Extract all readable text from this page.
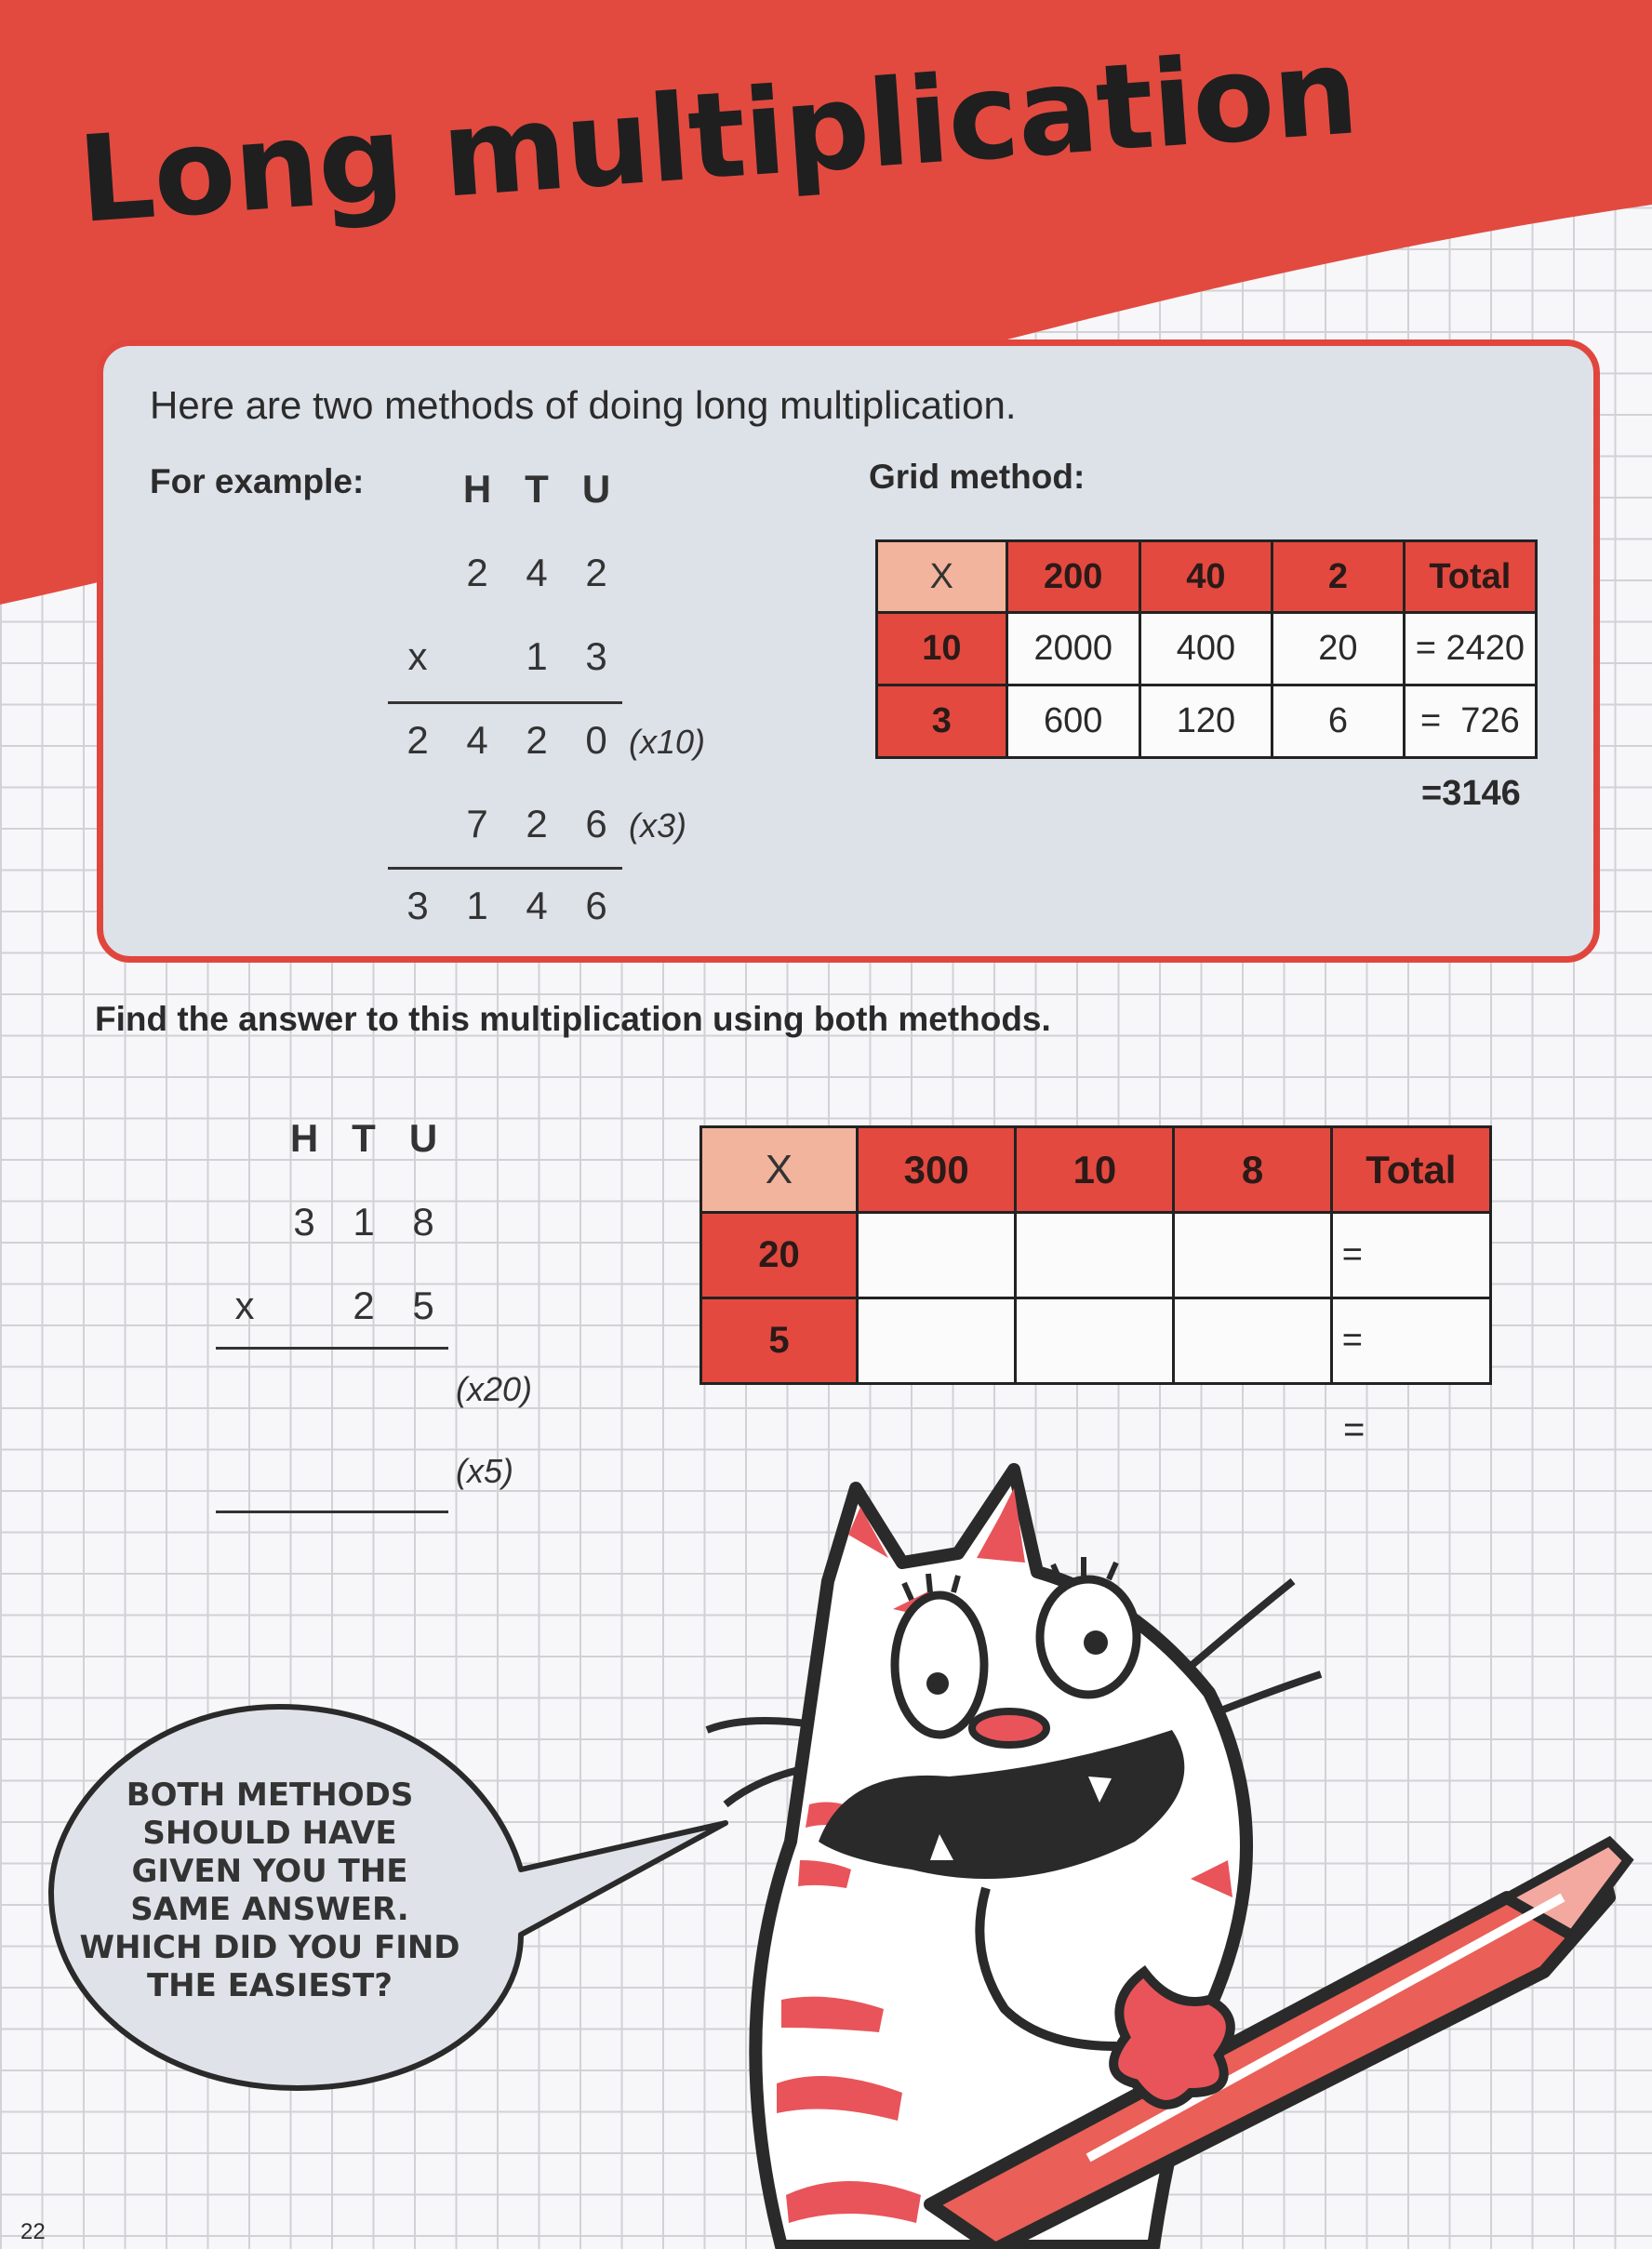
Long multiplication
Here are two methods of doing long multiplication.
For example:	Grid method:
H T U
2 4 2
x	1 3
2 4 2 0 (x10)
7 2 6 (x3)
3 1 4 6
X	200	40	2	Total
10	2000	400	20	= 2420
3	600	120	6	=  726
=3146
Find the answer to this multiplication using both methods.
H T U
3 1 8
x	2 5
(x20)
(x5)
X	300	10	8	Total
20				=
5				=
=
BOTH METHODS
SHOULD HAVE
GIVEN YOU THE
SAME ANSWER.
WHICH DID YOU FIND
THE EASIEST?
22
